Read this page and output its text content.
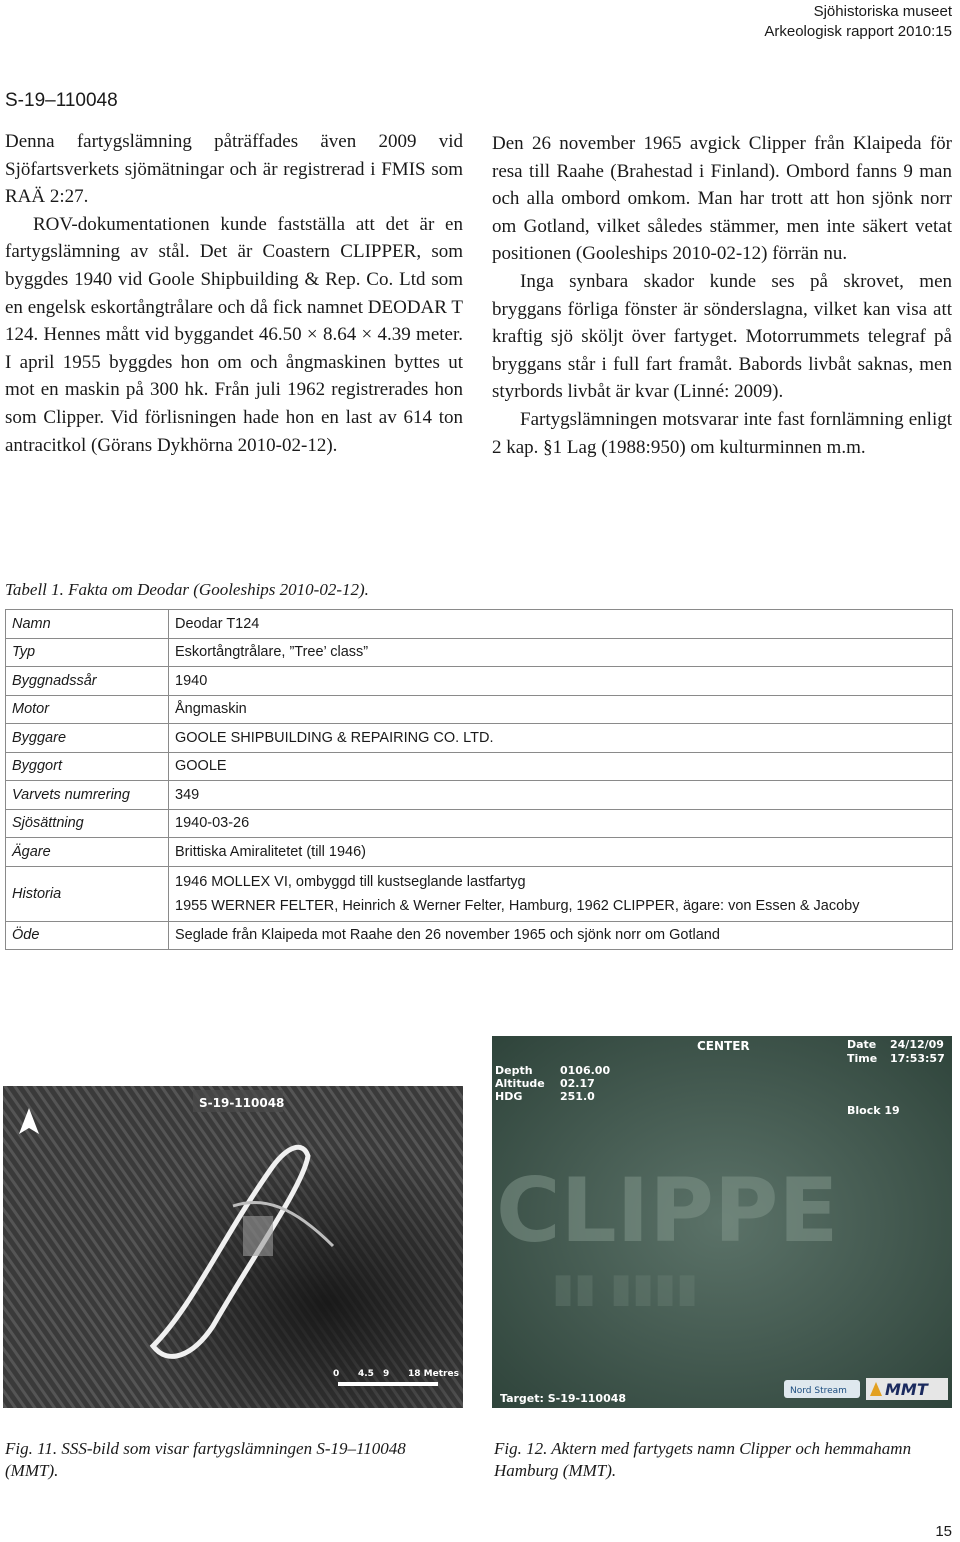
Sjöhistoriska museet
Arkeologisk rapport 2010:15
S-19–110048

Denna fartygslämning påträffades även 2009 vid Sjöfartsverkets sjömätningar och är registrerad i FMIS som RAÄ 2:27.

ROV-dokumentationen kunde fastställa att det är en fartygslämning av stål. Det är Coastern CLIPPER, som byggdes 1940 vid Goole Shipbuilding & Rep. Co. Ltd som en engelsk eskortångtrålare och då fick namnet DEODAR T 124. Hennes mått vid byggandet 46.50 × 8.64 × 4.39 meter. I april 1955 byggdes hon om och ångmaskinen byttes ut mot en maskin på 300 hk. Från juli 1962 registrerades hon som Clipper. Vid förlisningen hade hon en last av 614 ton antracitkol (Görans Dykhörna 2010-02-12).

Den 26 november 1965 avgick Clipper från Klaipeda för resa till Raahe (Brahestad i Finland). Ombord fanns 9 man och alla ombord omkom. Man har trott att hon sjönk norr om Gotland, vilket således stämmer, men inte säkert vetat positionen (Gooleships 2010-02-12) förrän nu.

Inga synbara skador kunde ses på skrovet, men bryggans förliga fönster är sönderslagna, vilket kan visa att kraftig sjö sköljt över fartyget. Motorrummets telegraf på bryggans står i full fart framåt. Babords livbåt saknas, men styrbords livbåt är kvar (Linné: 2009).

Fartygslämningen motsvarar inte fast fornlämning enligt 2 kap. §1 Lag (1988:950) om kulturminnen m.m.

Tabell 1. Fakta om Deodar (Gooleships 2010-02-12).
Namn	Deodar T124
Typ	Eskortångtrålare, ”Tree’ class”
Byggnadssår	1940
Motor	Ångmaskin
Byggare	GOOLE SHIPBUILDING & REPAIRING CO. LTD.
Byggort	GOOLE
Varvets numrering	349
Sjösättning	1940-03-26
Ägare	Brittiska Amiralitetet (till 1946)
Historia	1946 MOLLEX VI, ombyggd till kustseglande lastfartyg
1955 WERNER FELTER, Heinrich & Werner Felter, Hamburg, 1962 CLIPPER, ägare: von Essen & Jacoby

Öde	Seglade från Klaipeda mot Raahe den 26 november 1965 och sjönk norr om Gotland
S-19-110048
0 4.5 9 18 Metres
CLIPPE
▮▮ ▮▮▮▮
CENTER	Date 24/12/09
Time 17:53:57
Depth 0106.00
Altitude 02.17
HDG	251.0
Block 19
Target: S-19-110048
Nord Stream MMT
Fig. 11. SSS-bild som visar fartygslämningen S-19–110048 (MMT).
Fig. 12. Aktern med fartygets namn Clipper och hemmahamn Hamburg (MMT).
15
